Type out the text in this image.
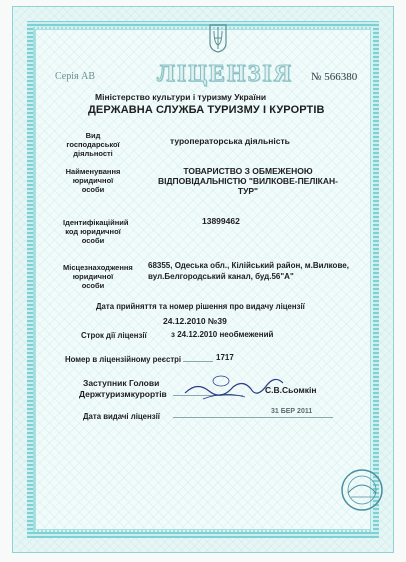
Серія АВ	ЛІЦЕНЗІЯ № 566380
Міністерство культури і туризму України
ДЕРЖАВНА СЛУЖБА ТУРИЗМУ І КУРОРТІВ
Вид господарської діяльності
туроператорська діяльність
Найменування юридичної особи
ТОВАРИСТВО З ОБМЕЖЕНОЮ ВІДПОВІДАЛЬНІСТЮ "ВИЛКОВЕ-ПЕЛІКАН-ТУР"
Ідентифікаційний код юридичної особи
13899462
Місцезнаходження юридичної особи
68355, Одеська обл., Кілійський район, м.Вилкове, вул.Белгородський канал, буд.56"А"
Дата прийняття та номер рішення про видачу ліцензії
24.12.2010 №39
Строк дії ліцензії	з 24.12.2010 необмежений
Номер в ліцензійному реєстрі	1717
Заступник Голови
Держтуризмкурортів	С.В.Сьомкін
Дата видачі ліцензії
31 БЕР 2011
